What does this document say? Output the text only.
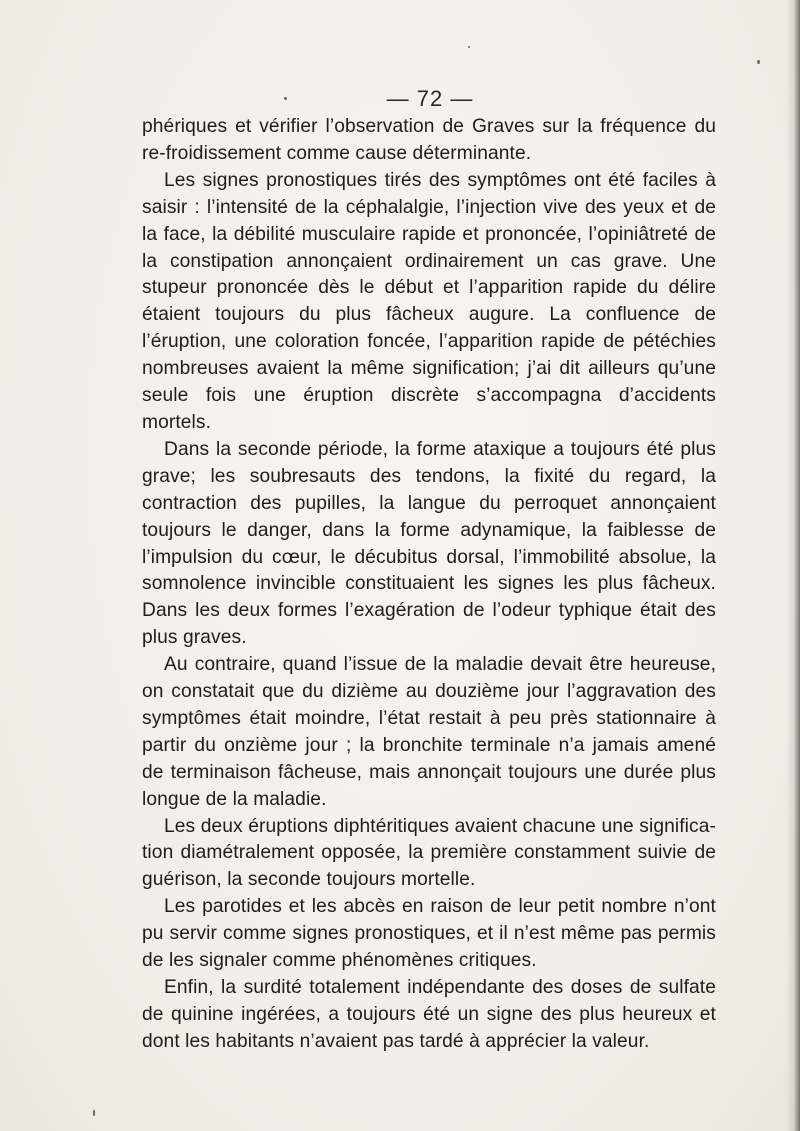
— 72 —

phériques et vérifier l’observation de Graves sur la fréquence du re-froidissement comme cause déterminante.

Les signes pronostiques tirés des symptômes ont été faciles à saisir : l’intensité de la céphalalgie, l’injection vive des yeux et de la face, la débilité musculaire rapide et prononcée, l’opiniâtreté de la constipation annonçaient ordinairement un cas grave. Une stupeur prononcée dès le début et l’apparition rapide du délire étaient toujours du plus fâcheux augure. La confluence de l’éruption, une coloration foncée, l’apparition rapide de pétéchies nombreuses avaient la même signification; j’ai dit ailleurs qu’une seule fois une éruption discrète s’accompagna d’accidents mortels.

Dans la seconde période, la forme ataxique a toujours été plus grave; les soubresauts des tendons, la fixité du regard, la contraction des pupilles, la langue du perroquet annonçaient toujours le danger, dans la forme adynamique, la faiblesse de l’impulsion du cœur, le décubitus dorsal, l’immobilité absolue, la somnolence invincible constituaient les signes les plus fâcheux. Dans les deux formes l’exagération de l’odeur typhique était des plus graves.

Au contraire, quand l’issue de la maladie devait être heureuse, on constatait que du dizième au douzième jour l’aggravation des symptômes était moindre, l’état restait à peu près stationnaire à partir du onzième jour ; la bronchite terminale n’a jamais amené de terminaison fâcheuse, mais annonçait toujours une durée plus longue de la maladie.

Les deux éruptions diphtéritiques avaient chacune une significa-tion diamétralement opposée, la première constamment suivie de guérison, la seconde toujours mortelle.

Les parotides et les abcès en raison de leur petit nombre n’ont pu servir comme signes pronostiques, et il n’est même pas permis de les signaler comme phénomènes critiques.

Enfin, la surdité totalement indépendante des doses de sulfate de quinine ingérées, a toujours été un signe des plus heureux et dont les habitants n’avaient pas tardé à apprécier la valeur.
